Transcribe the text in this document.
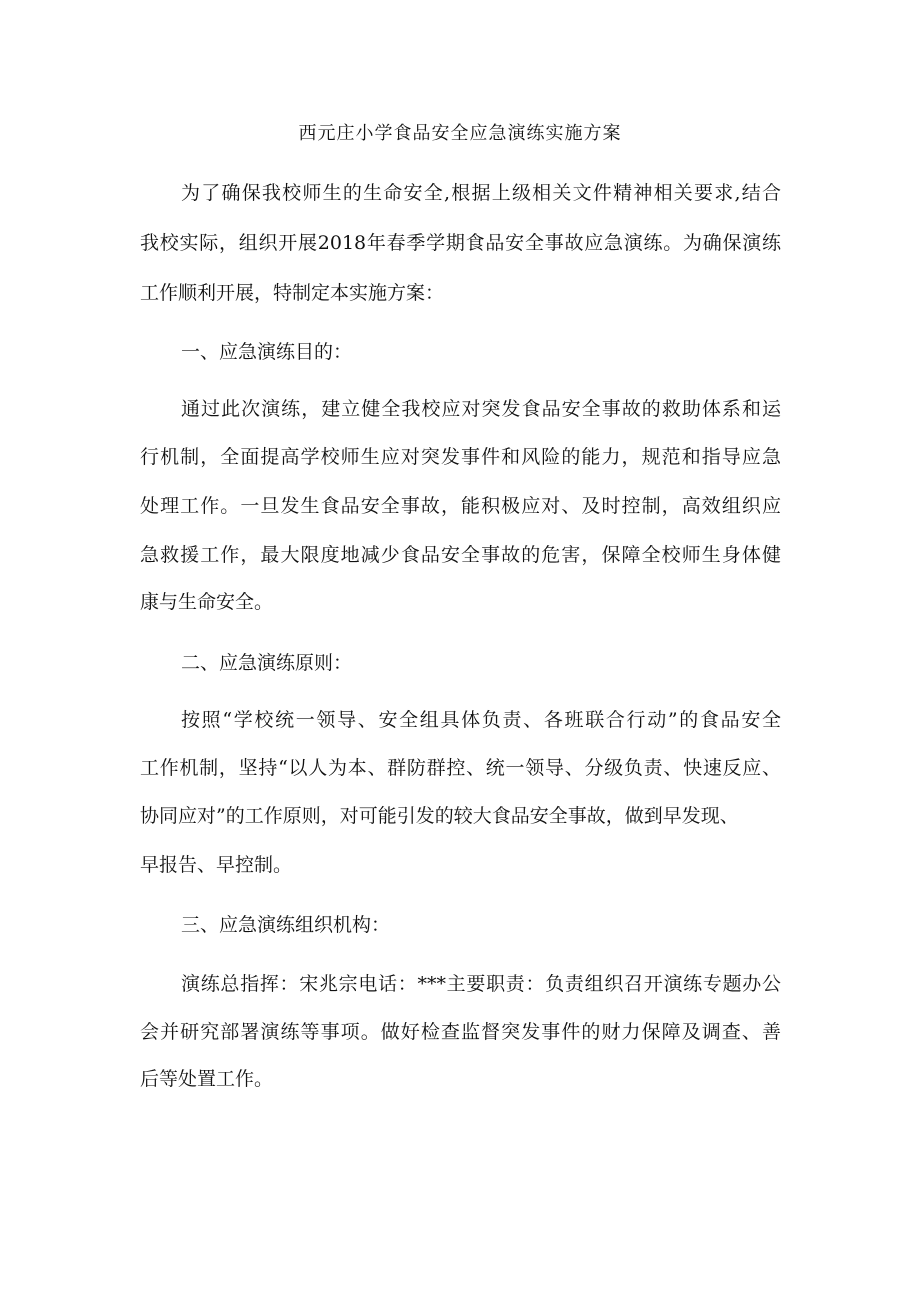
西元庄小学食品安全应急演练实施方案
为了确保我校师生的生命安全,根据上级相关文件精神相关要求,结合
我校实际，组织开展2018年春季学期食品安全事故应急演练。为确保演练
工作顺利开展，特制定本实施方案：
一、应急演练目的：
通过此次演练，建立健全我校应对突发食品安全事故的救助体系和运
行机制，全面提高学校师生应对突发事件和风险的能力，规范和指导应急
处理工作。一旦发生食品安全事故，能积极应对、及时控制，高效组织应
急救援工作，最大限度地减少食品安全事故的危害，保障全校师生身体健
康与生命安全。
二、应急演练原则：
按照“学校统一领导、安全组具体负责、各班联合行动”的食品安全
工作机制，坚持“以人为本、群防群控、统一领导、分级负责、快速反应、
协同应对”的工作原则，对可能引发的较大食品安全事故，做到早发现、
早报告、早控制。
三、应急演练组织机构：
演练总指挥：宋兆宗电话：***主要职责：负责组织召开演练专题办公
会并研究部署演练等事项。做好检查监督突发事件的财力保障及调查、善
后等处置工作。
